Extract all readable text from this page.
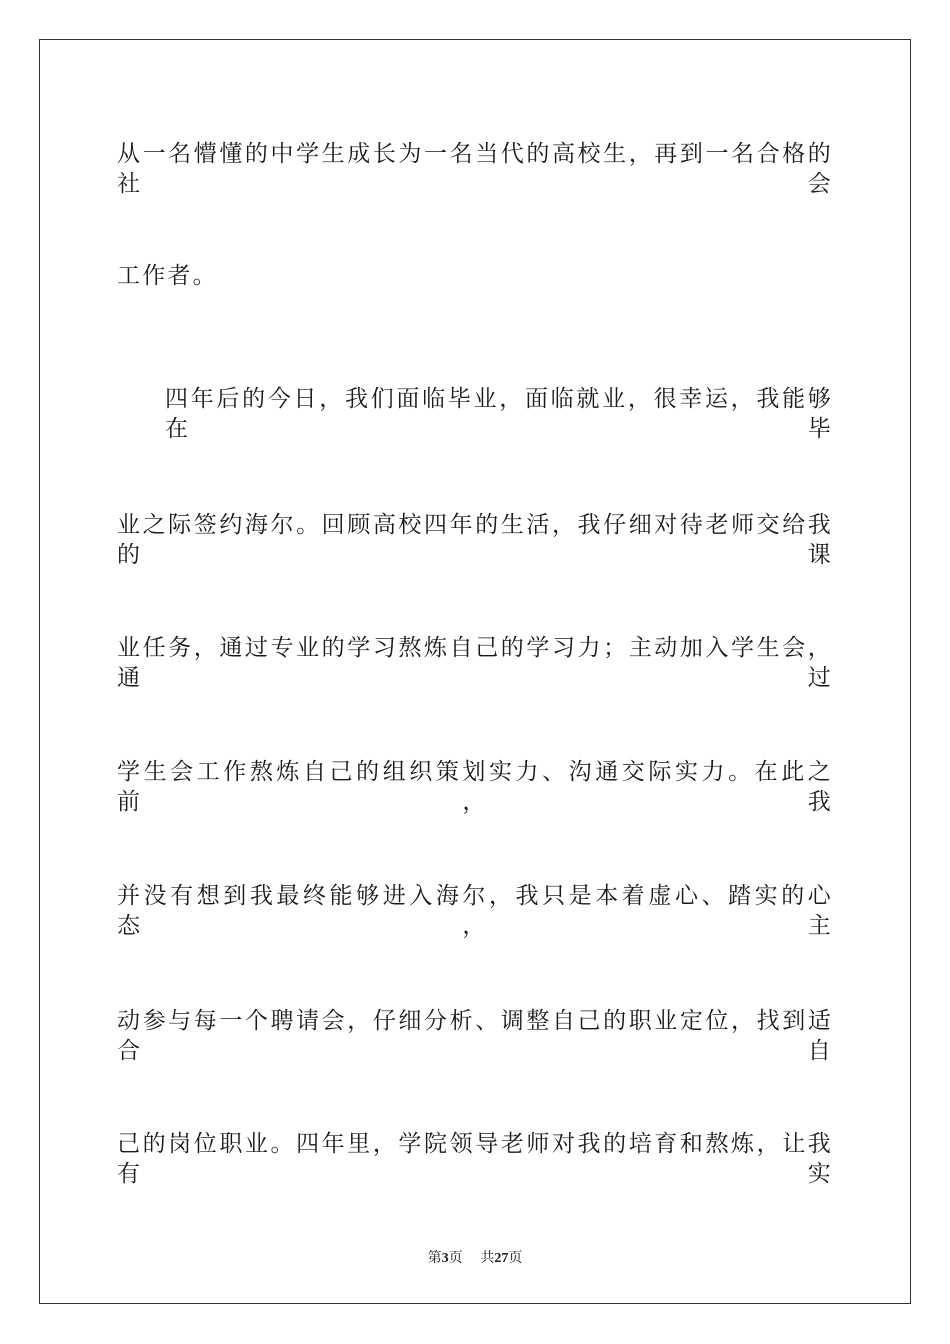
从一名懵懂的中学生成长为一名当代的高校生，再到一名合格的社会
工作者。
四年后的今日，我们面临毕业，面临就业，很幸运，我能够在毕
业之际签约海尔。回顾高校四年的生活，我仔细对待老师交给我的课
业任务，通过专业的学习熬炼自己的学习力；主动加入学生会，通过
学生会工作熬炼自己的组织策划实力、沟通交际实力。在此之前，我
并没有想到我最终能够进入海尔，我只是本着虚心、踏实的心态，主
动参与每一个聘请会，仔细分析、调整自己的职业定位，找到适合自
己的岗位职业。四年里，学院领导老师对我的培育和熬炼，让我有实
第3页 共27页
